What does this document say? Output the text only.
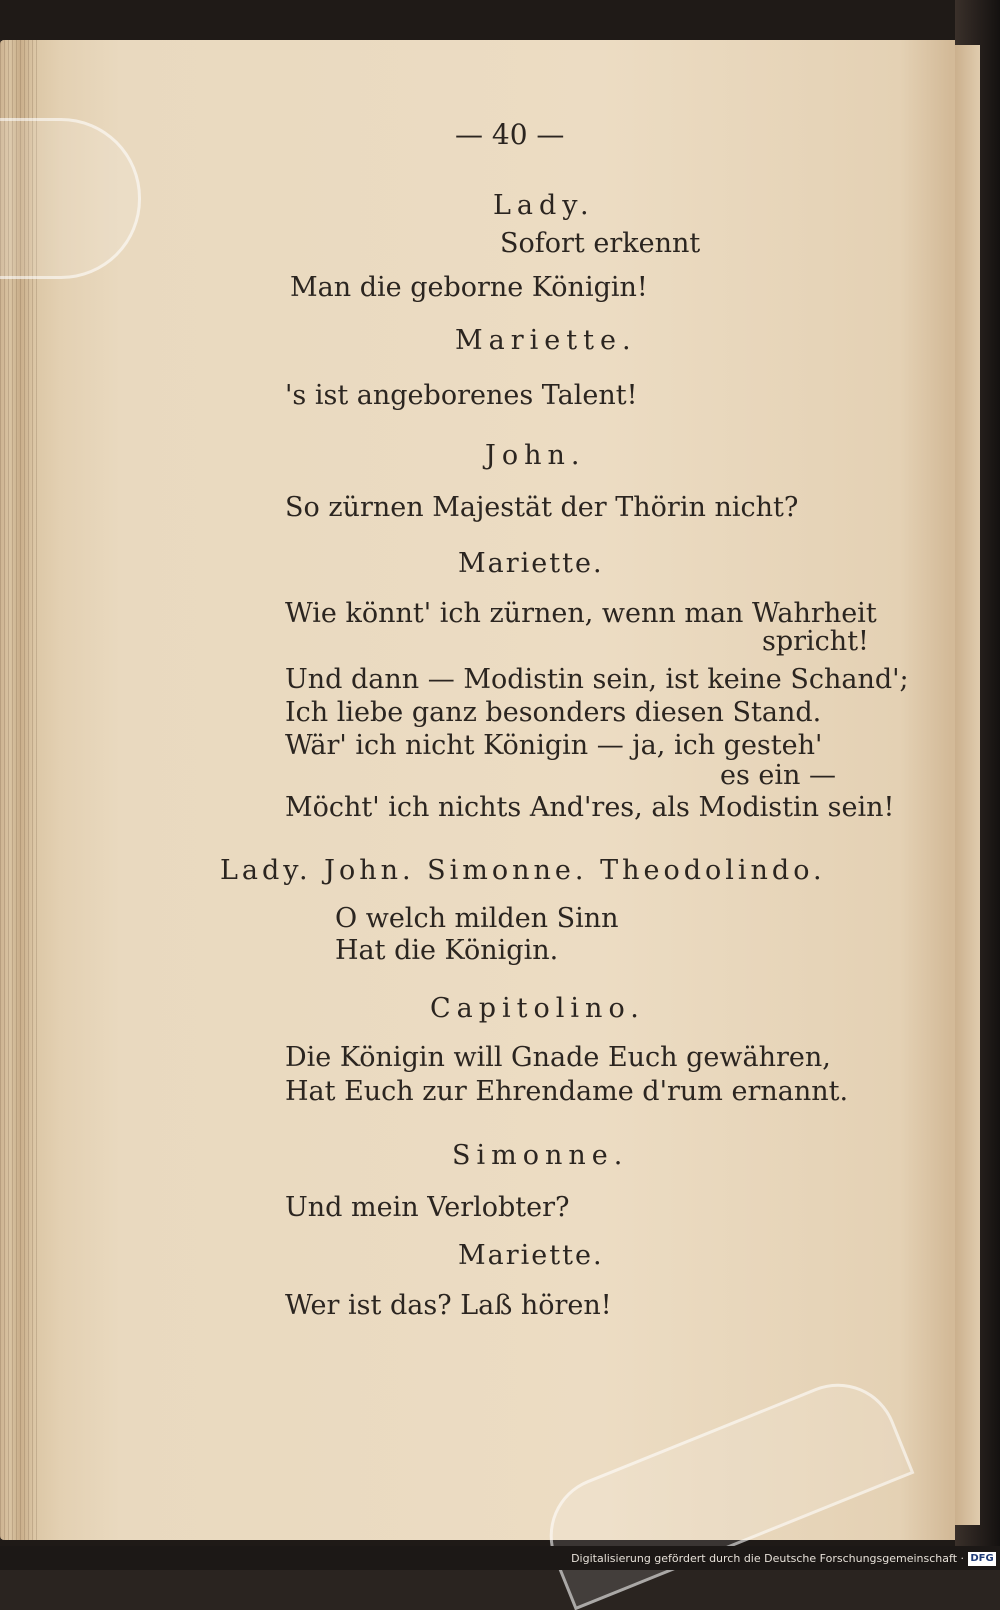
— 40 —
Lady.
Sofort erkennt
Man die geborne Königin!
Mariette.
's ist angeborenes Talent!
John.
So zürnen Majestät der Thörin nicht?
Mariette.
Wie könnt' ich zürnen, wenn man Wahrheit
spricht!
Und dann — Modistin sein, ist keine Schand';
Ich liebe ganz besonders diesen Stand.
Wär' ich nicht Königin — ja, ich gesteh'
es ein —
Möcht' ich nichts And'res, als Modistin sein!
Lady. John. Simonne. Theodolindo.
O welch milden Sinn
Hat die Königin.
Capitolino.
Die Königin will Gnade Euch gewähren,
Hat Euch zur Ehrendame d'rum ernannt.
Simonne.
Und mein Verlobter?
Mariette.
Wer ist das? Laß hören!
Digitalisierung gefördert durch die Deutsche Forschungsgemeinschaft · DFG
